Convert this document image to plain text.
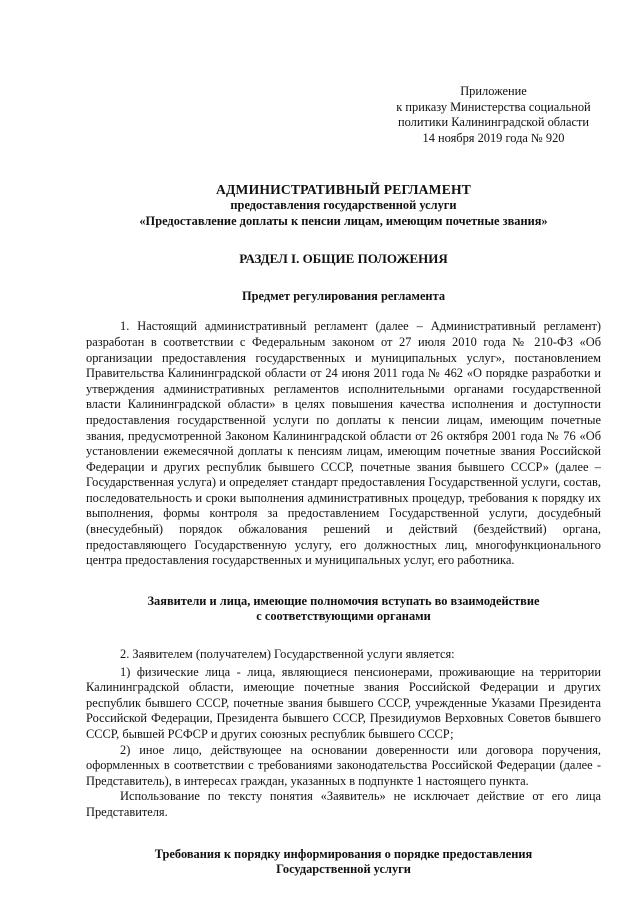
Приложение
к приказу Министерства социальной
политики Калининградской области
14 ноября 2019 года № 920
АДМИНИСТРАТИВНЫЙ РЕГЛАМЕНТ
предоставления государственной услуги
«Предоставление доплаты к пенсии лицам, имеющим почетные звания»
РАЗДЕЛ I. ОБЩИЕ ПОЛОЖЕНИЯ
Предмет регулирования регламента

1. Настоящий административный регламент (далее – Административный регламент) разработан в соответствии с Федеральным законом от 27 июля 2010 года № 210-ФЗ «Об организации предоставления государственных и муниципальных услуг», постановлением Правительства Калининградской области от 24 июня 2011 года № 462 «О порядке разработки и утверждения административных регламентов исполнительными органами государственной власти Калининградской области» в целях повышения качества исполнения и доступности предоставления государственной услуги по доплаты к пенсии лицам, имеющим почетные звания, предусмотренной Законом Калининградской области от 26 октября 2001 года № 76 «Об установлении ежемесячной доплаты к пенсиям лицам, имеющим почетные звания Российской Федерации и других республик бывшего СССР, почетные звания бывшего СССР» (далее – Государственная услуга) и определяет стандарт предоставления Государственной услуги, состав, последовательность и сроки выполнения административных процедур, требования к порядку их выполнения, формы контроля за предоставлением Государственной услуги, досудебный (внесудебный) порядок обжалования решений и действий (бездействий) органа, предоставляющего Государственную услугу, его должностных лиц, многофункционального центра предоставления государственных и муниципальных услуг, его работника.

Заявители и лица, имеющие полномочия вступать во взаимодействие
с соответствующими органами

2. Заявителем (получателем) Государственной услуги является:

1) физические лица - лица, являющиеся пенсионерами, проживающие на территории Калининградской области, имеющие почетные звания Российской Федерации и других республик бывшего СССР, почетные звания бывшего СССР, учрежденные Указами Президента Российской Федерации, Президента бывшего СССР, Президиумов Верховных Советов бывшего СССР, бывшей РСФСР и других союзных республик бывшего СССР;

2) иное лицо, действующее на основании доверенности или договора поручения, оформленных в соответствии с требованиями законодательства Российской Федерации (далее - Представитель), в интересах граждан, указанных в подпункте 1 настоящего пункта.

Использование по тексту понятия «Заявитель» не исключает действие от его лица Представителя.

Требования к порядку информирования о порядке предоставления
Государственной услуги
